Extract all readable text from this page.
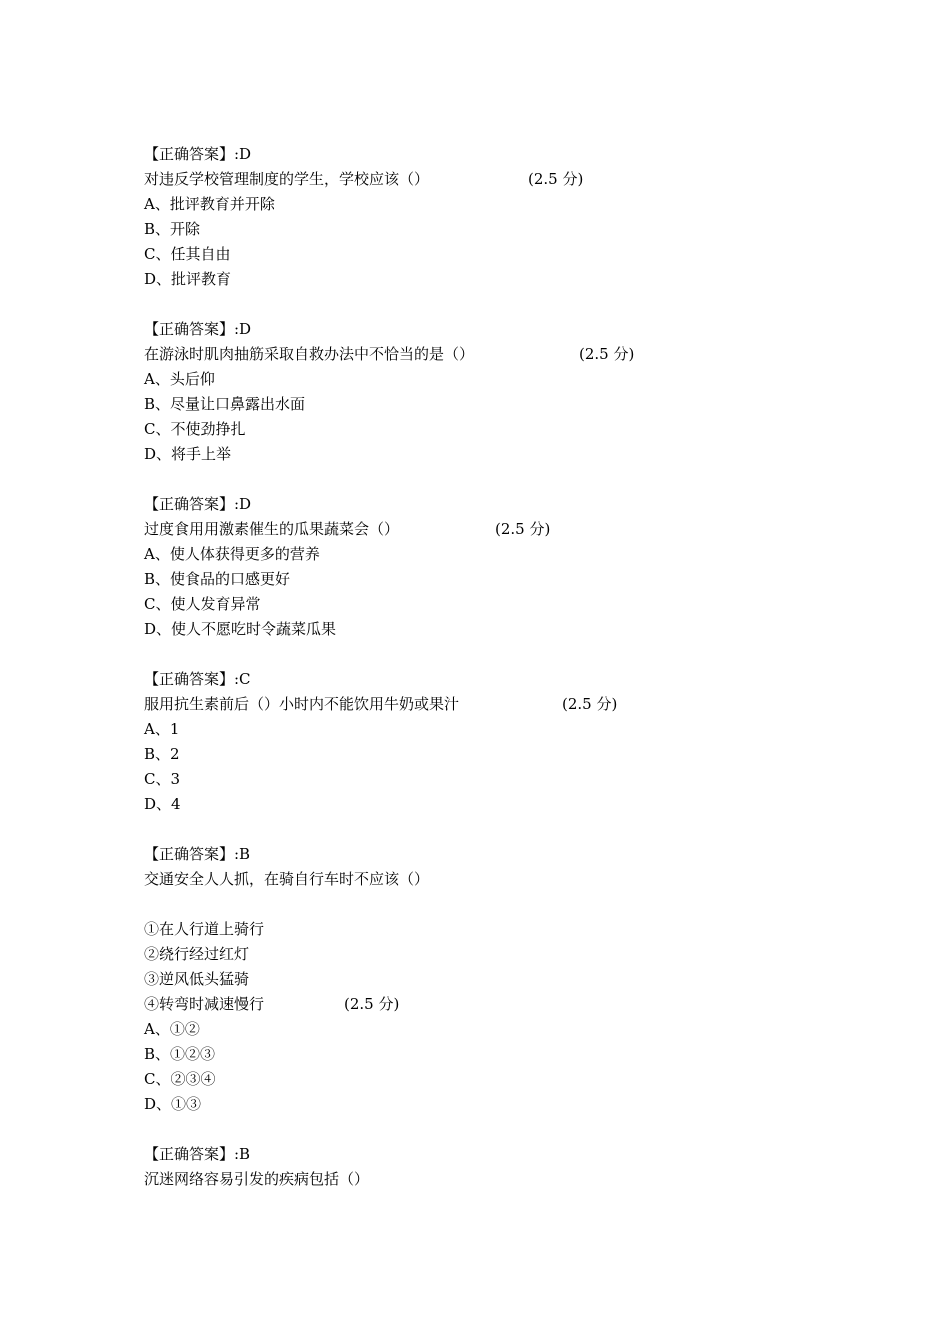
【正确答案】:D
对违反学校管理制度的学生，学校应该（）	(2.5 分)
A、批评教育并开除
B、开除
C、任其自由
D、批评教育
【正确答案】:D
在游泳时肌肉抽筋采取自救办法中不恰当的是（）	(2.5 分)
A、头后仰
B、尽量让口鼻露出水面
C、不使劲挣扎
D、将手上举
【正确答案】:D
过度食用用激素催生的瓜果蔬菜会（）	(2.5 分)
A、使人体获得更多的营养
B、使食品的口感更好
C、使人发育异常
D、使人不愿吃时令蔬菜瓜果
【正确答案】:C
服用抗生素前后（）小时内不能饮用牛奶或果汁	(2.5 分)
A、1
B、2
C、3
D、4
【正确答案】:B
交通安全人人抓，在骑自行车时不应该（）
①在人行道上骑行
②绕行经过红灯
③逆风低头猛骑
④转弯时减速慢行	(2.5 分)
A、①②
B、①②③
C、②③④
D、①③
【正确答案】:B
沉迷网络容易引发的疾病包括（）
